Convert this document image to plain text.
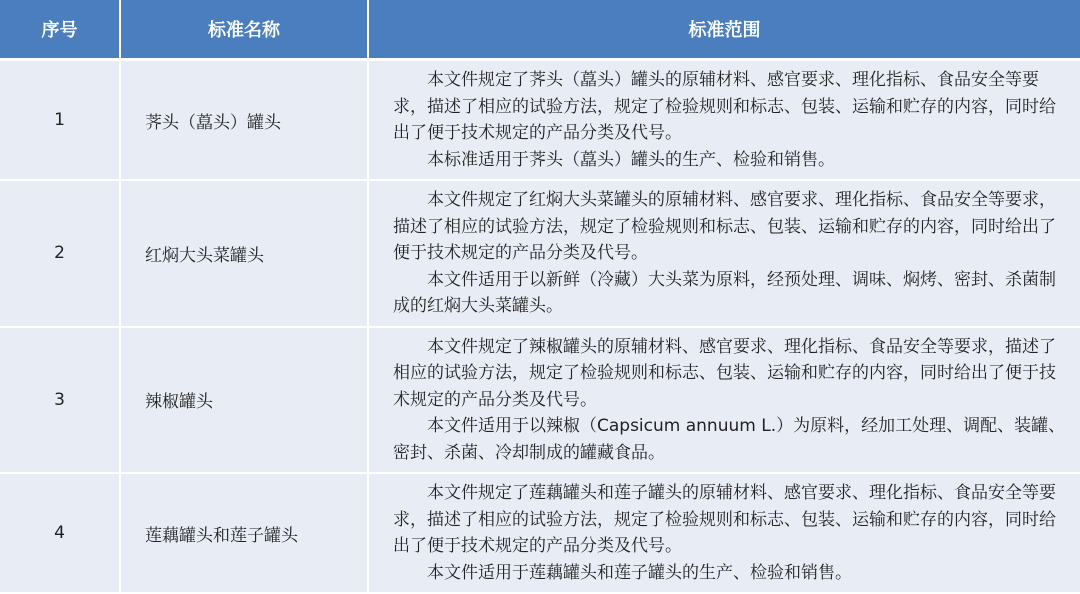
序号	标准名称	标准范围
1	荠头（藠头）罐头	本文件规定了荠头（藠头）罐头的原辅材料、感官要求、理化指标、食品安全等要求，描述了相应的试验方法，规定了检验规则和标志、包装、运输和贮存的内容，同时给出了便于技术规定的产品分类及代号。

本标准适用于荠头（藠头）罐头的生产、检验和销售。

2	红焖大头菜罐头	本文件规定了红焖大头菜罐头的原辅材料、感官要求、理化指标、食品安全等要求，描述了相应的试验方法，规定了检验规则和标志、包装、运输和贮存的内容，同时给出了便于技术规定的产品分类及代号。

本文件适用于以新鲜（冷藏）大头菜为原料，经预处理、调味、焖烤、密封、杀菌制成的红焖大头菜罐头。

3	辣椒罐头	本文件规定了辣椒罐头的原辅材料、感官要求、理化指标、食品安全等要求，描述了相应的试验方法，规定了检验规则和标志、包装、运输和贮存的内容，同时给出了便于技术规定的产品分类及代号。

本文件适用于以辣椒（Capsicum annuum L.）为原料，经加工处理、调配、装罐、密封、杀菌、冷却制成的罐藏食品。

4	莲藕罐头和莲子罐头	本文件规定了莲藕罐头和莲子罐头的原辅材料、感官要求、理化指标、食品安全等要求，描述了相应的试验方法，规定了检验规则和标志、包装、运输和贮存的内容，同时给出了便于技术规定的产品分类及代号。

本文件适用于莲藕罐头和莲子罐头的生产、检验和销售。
